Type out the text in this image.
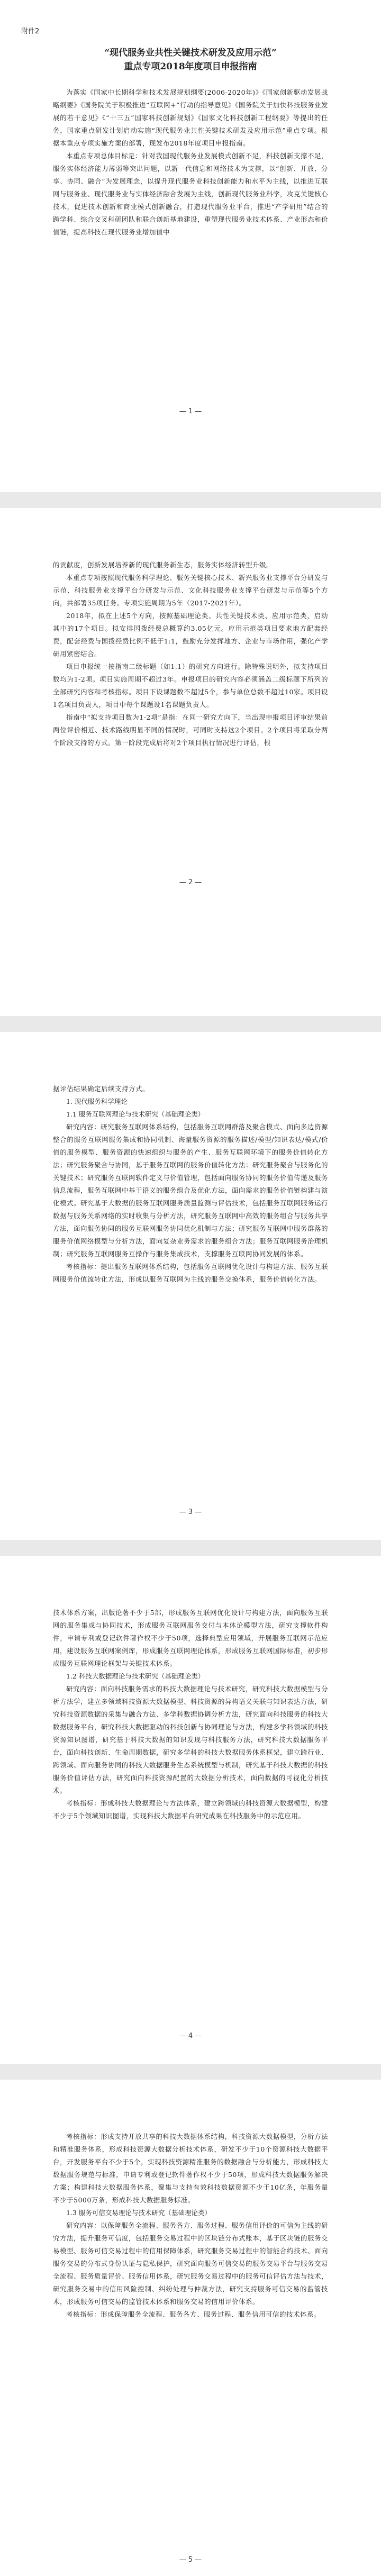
附件2
“现代服务业共性关键技术研发及应用示范”
重点专项2018年度项目申报指南

为落实《国家中长期科学和技术发展规划纲要(2006-2020年)》《国家创新驱动发展战略纲要》《国务院关于积极推进“互联网+”行动的指导意见》《国务院关于加快科技服务业发展的若干意见》《“十三五”国家科技创新规划》《国家文化科技创新工程纲要》等提出的任务，国家重点研发计划启动实施“现代服务业共性关键技术研发及应用示范”重点专项。根据本重点专项实施方案的部署，现发布2018年度项目申报指南。

本重点专项总体目标是：针对我国现代服务业发展模式创新不足，科技创新支撑不足，服务实体经济能力薄弱等突出问题，以新一代信息和网络技术为支撑，以“创新、开放、分享、协同、融合”为发展理念，以提升现代服务业科技创新能力和水平为主线，以推进互联网与服务业、现代服务业与实体经济融合发展为主线，创新现代服务业科学，攻克关键核心技术，促进技术创新和商业模式创新融合，打造现代服务业平台，推进“产学研用”结合的跨学科、综合交叉科研团队和联合创新基地建设，重塑现代服务业技术体系、产业形态和价值链，提高科技在现代服务业增加值中

— 1 —

的贡献度，创新发展培养新的现代服务新生态，服务实体经济转型升级。

本重点专项按照现代服务科学理论、服务关键核心技术、新兴服务业支撑平台分研发与示范、科技服务业支撑平台分研发与示范、文化科技服务业支撑平台研发与示范等5个方向，共部署35项任务。专项实施周期为5年（2017-2021年）。

2018年，拟在上述5个方向，按照基础理论类、共性关键技术类、应用示范类，启动其中的17个项目。拟安排国拨经费总概算约3.05亿元。应用示范类项目要求地方配套经费，配套经费与国拨经费比例不低于1:1，鼓励充分发挥地方、企业与市场作用，强化产学研用紧密结合。

项目申报统一按指南二级标题（如1.1）的研究方向进行。除特殊说明外，拟支持项目数均为1-2项。项目实施周期不超过3年。申报项目的研究内容必须涵盖二级标题下所列的全部研究内容和考核指标。项目下设课题数不超过5个，参与单位总数不超过10家。项目设1名项目负责人，项目中每个课题设1名课题负责人。

指南中“拟支持项目数为1-2项”是指：在同一研究方向下，当出现申报项目评审结果前两位评价相近、技术路线明显不同的情况时，可同时支持这2个项目。2个项目将采取分两个阶段支持的方式。第一阶段完成后将对2个项目执行情况进行评估，根

— 2 —

据评估结果确定后续支持方式。

1. 现代服务科学理论
1.1 服务互联网理论与技术研究（基础理论类）

研究内容：研究服务互联网体系结构，包括服务互联网群落及聚合模式、面向多边资源整合的服务互联网服务集成和协同机制、海量服务资源的服务描述/模型/知识表达/模式/价值的服务模型、服务资源的快速组织与服务的产生、服务互联网环境下的服务价值转化方法；研究服务聚合与协同，基于服务互联网的服务价值转化方法：研究服务聚合与服务化的关键技术；研究服务互联网软件定义与价值管理，包括面向服务协同的服务价值传递及服务信息流程，服务互联网中基于语义的服务组合及优化方法，面向需求的服务价值链构建与演化模式。研究基于大数据的服务互联网服务质量监测与评估技术，包括服务互联网服务运行数据与服务关系网络的实时收集与分析方法，研究服务互联网中高效的服务组合与服务共享方法，面向服务协同的服务互联网服务协同优化机制与方法；研究服务互联网中服务群落的服务价值网络模型与分析方法，面向复杂业务需求的服务组合方法；服务互联网服务治理机制；研究服务互联网服务互操作与服务集成技术，支撑服务互联网协同发展的体系。

考核指标：提出服务互联网体系结构，包括服务互联网优化设计与构建方法、服务互联网服务价值流转化方法，形成以服务互联网为主线的服务交换体系，服务价值转化方法。

— 3 —

技术体系方案，出版论著不少于5部，形成服务互联网优化设计与构建方法，面向服务互联网的服务集成与协同技术，形成服务互联网服务交付与本体论模型方法，研究支撑软件构件，申请专利或登记软件著作权不少于50项，选择典型应用领域，开展服务互联网示范应用，建设服务互联网案例库，形成服务互联网理论体系，形成服务互联网国际标准，初步形成服务互联网理论框架与关键技术体系。

1.2 科技大数据理论与技术研究（基础理论类）

研究内容：面向科技服务需求的科技大数据理论与技术研究，研究科技大数据模型与分析方法学，建立多领域科技资源大数据模型、科技资源的异构语义关联与知识表达方法，研究科技资源数据的采集与融合方法、多学科数据协调分析方法，研究面向科技服务的科技大数据服务平台，研究科技大数据驱动的科技创新与协同理论与方法，构建多学科领域的科技资源知识图谱，研究基于科技大数据的知识发现与科技服务方法，研究科技大数据服务平台，面向科技创新、生命周期数据，研究多学科的科技大数据服务体系框架，建立跨行业、跨领域、面向服务协同的科技大数据服务生态系统模型与机制，研究基于科技大数据的科技服务价值评估方法，研究面向科技资源配置的大数据分析技术，面向数据的可视化分析技术。

考核指标：形成科技大数据理论与方法体系，建立跨领域的科技资源大数据模型，构建不少于5个领域知识图谱，实现科技大数据平台研究成果在科技服务中的示范应用。

— 4 —

考核指标：形成支持开放共享的科技大数据体系结构，科技资源大数据模型，分析方法和精准服务体系，形成科技资源大数据分析技术体系，研发不少于10个资源科技大数据平台，开发服务平台不少于5个，实现科技资源精准服务的数据融合与分析能力，形成科技大数据服务规范与标准，申请专利或登记软件著作权不少于50项，形成科技大数据服务解决方案；构建科技大数据服务体系，聚集与支持有效科技数据资源不少于10亿条，年服务量不少于5000万条，形成科技大数据服务标准。

1.3 服务可信交易理论与技术研究（基础理论类）

研究内容：以保障服务全流程、服务各方、服务过程、服务信用评价的可信为主线的研究方法，提升服务可信度，包括服务交易过程中的区块链分布式账本，基于区块链的服务交易模型、服务可信交易过程中的信用保障体系，研究服务交易过程中的智能合约技术、面向服务交易的分布式身份认证与隐私保护，研究面向服务可信交易的服务交易平台与服务交易全流程、服务质量评价、服务信用体系，研究服务交易过程中的服务可信评估方法与技术，研究服务交易中的信用风险控制、纠纷处理与仲裁方法，研究支持服务可信交易的监管技术，形成服务可信交易的监管技术体系和服务交易的信用评价体系。

考核指标：形成保障服务全流程、服务各方、服务过程、服务信用可信的技术体系。

— 5 —
